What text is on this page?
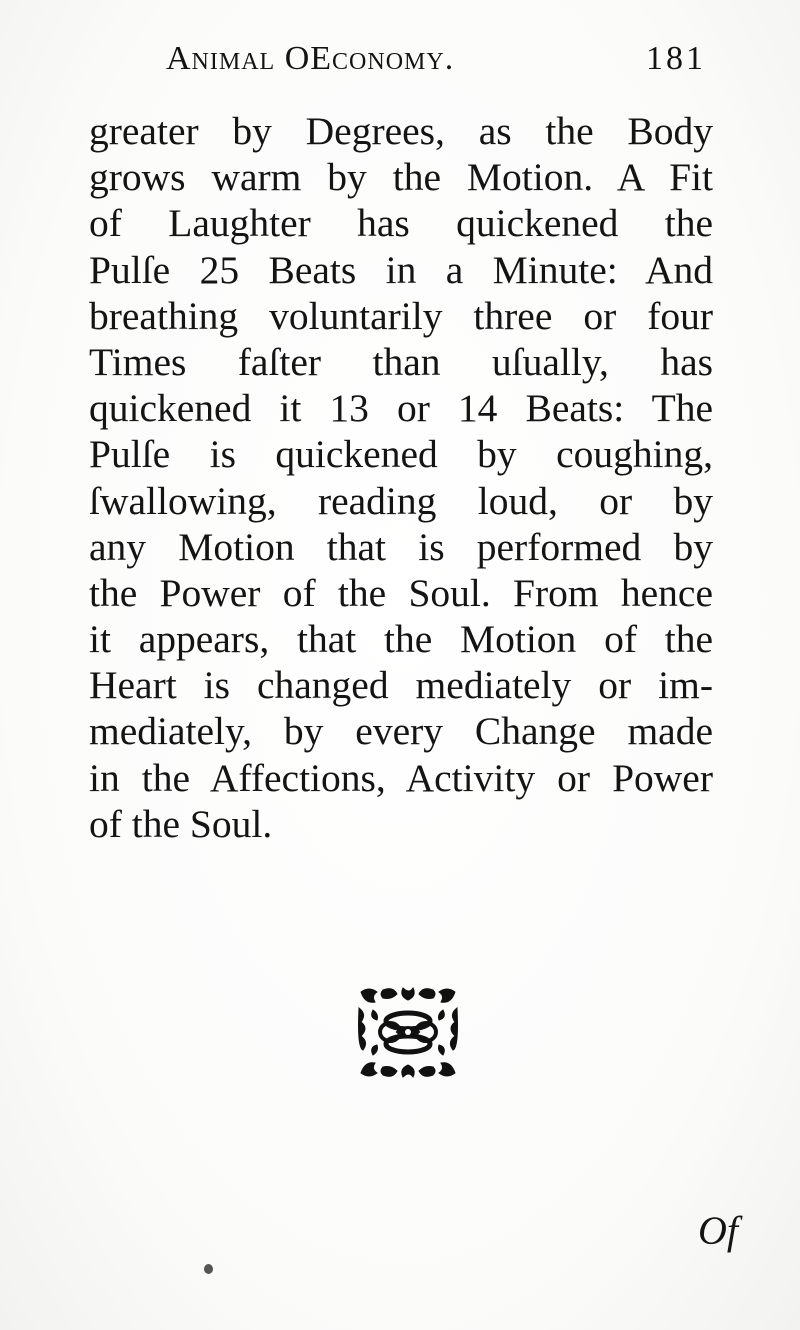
Animal OEconomy.	181
greater by Degrees, as the Body
grows warm by the Motion. A Fit
of Laughter has quickened the
Pulſe 25 Beats in a Minute: And
breathing voluntarily three or four
Times faſter than uſually, has
quickened it 13 or 14 Beats: The
Pulſe is quickened by coughing,
ſwallowing, reading loud, or by
any Motion that is performed by
the Power of the Soul. From hence
it appears, that the Motion of the
Heart is changed mediately or im-
mediately, by every Change made
in the Affections, Activity or Power
of the Soul.
Of
